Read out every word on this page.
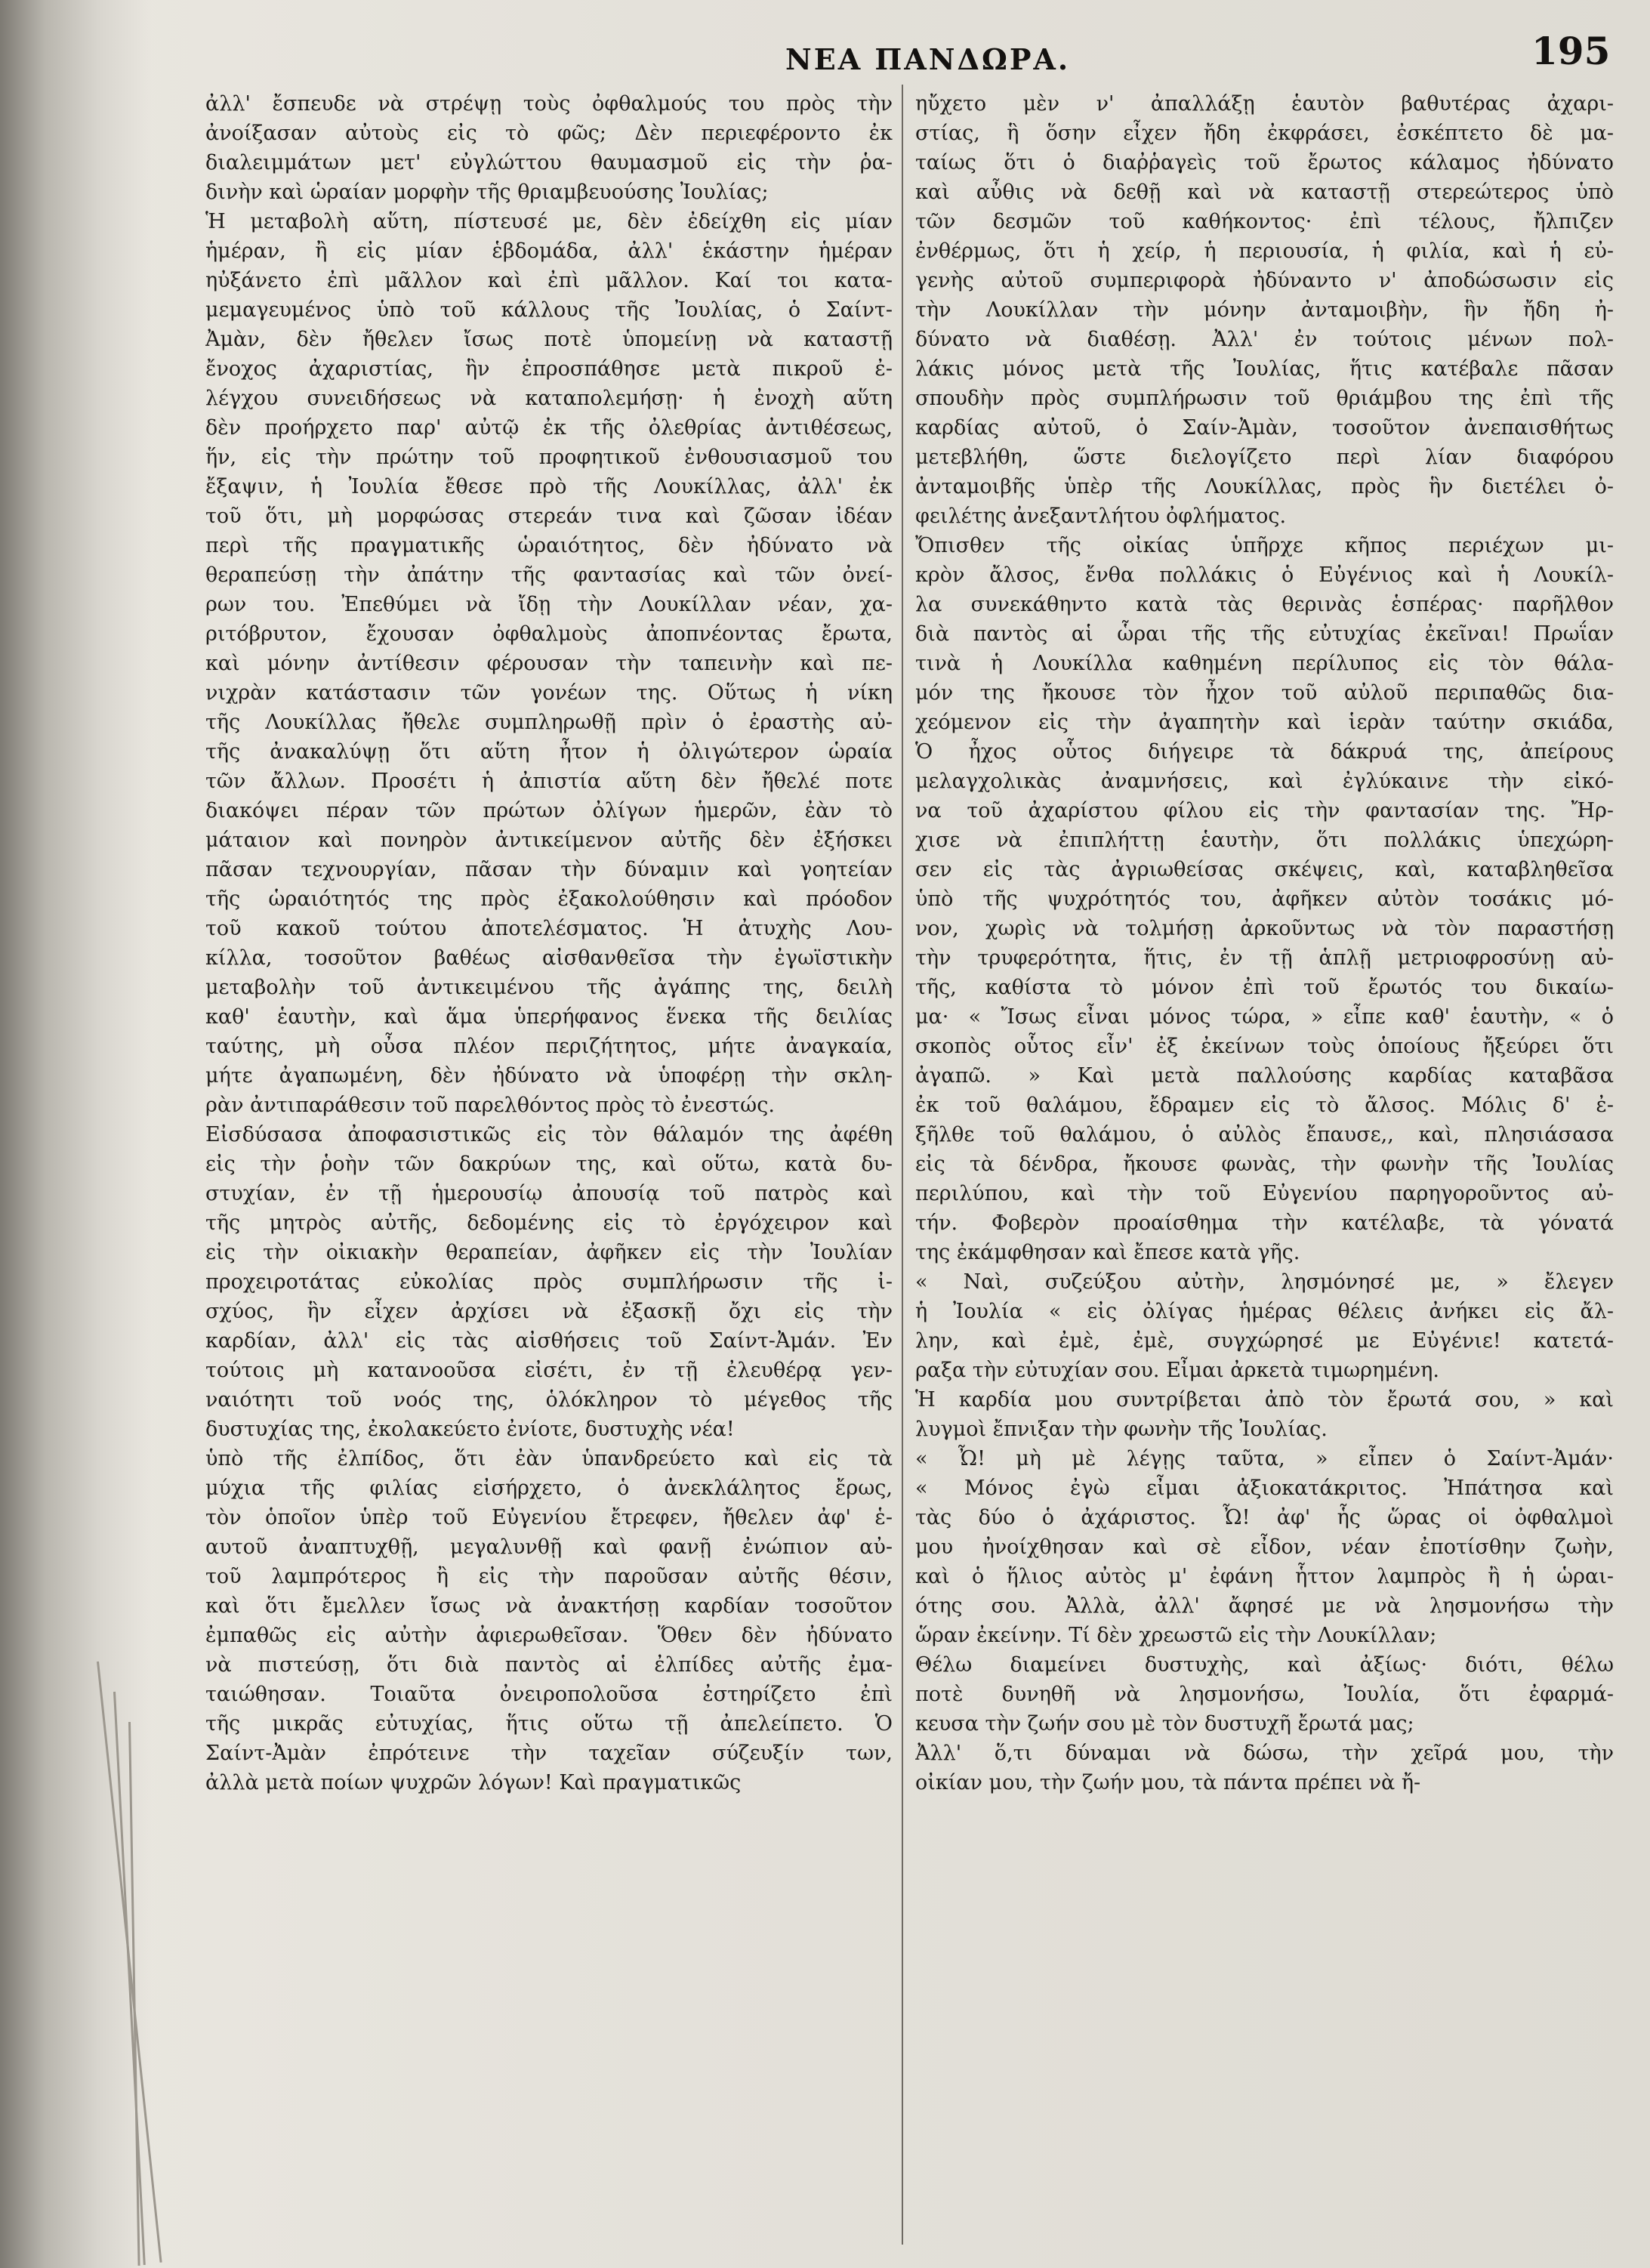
ΝΕΑ ΠΑΝΔΩΡΑ.	195
ἀλλ' ἔσπευδε νὰ στρέψῃ τοὺς ὀφθαλμούς του πρὸς τὴν
ἀνοίξασαν αὐτοὺς εἰς τὸ φῶς; Δὲν περιεφέροντο ἐκ
διαλειμμάτων μετ' εὐγλώττου θαυμασμοῦ εἰς τὴν ῥα-
δινὴν καὶ ὡραίαν μορφὴν τῆς θριαμβευούσης Ἰουλίας;
Ἡ μεταβολὴ αὕτη, πίστευσέ με, δὲν ἐδείχθη εἰς μίαν
ἡμέραν, ἢ εἰς μίαν ἑβδομάδα, ἀλλ' ἑκάστην ἡμέραν
ηὐξάνετο ἐπὶ μᾶλλον καὶ ἐπὶ μᾶλλον. Καί τοι κατα-
μεμαγευμένος ὑπὸ τοῦ κάλλους τῆς Ἰουλίας, ὁ Σαίντ-
Ἀμὰν, δὲν ἤθελεν ἴσως ποτὲ ὑπομείνῃ νὰ καταστῇ
ἔνοχος ἀχαριστίας, ἣν ἐπροσπάθησε μετὰ πικροῦ ἐ-
λέγχου συνειδήσεως νὰ καταπολεμήσῃ· ἡ ἐνοχὴ αὕτη
δὲν προήρχετο παρ' αὐτῷ ἐκ τῆς ὀλεθρίας ἀντιθέσεως,
ἥν, εἰς τὴν πρώτην τοῦ προφητικοῦ ἐνθουσιασμοῦ του
ἔξαψιν, ἡ Ἰουλία ἔθεσε πρὸ τῆς Λουκίλλας, ἀλλ' ἐκ
τοῦ ὅτι, μὴ μορφώσας στερεάν τινα καὶ ζῶσαν ἰδέαν
περὶ τῆς πραγματικῆς ὡραιότητος, δὲν ἠδύνατο νὰ
θεραπεύσῃ τὴν ἀπάτην τῆς φαντασίας καὶ τῶν ὀνεί-
ρων του. Ἐπεθύμει νὰ ἴδῃ τὴν Λουκίλλαν νέαν, χα-
ριτόβρυτον, ἔχουσαν ὀφθαλμοὺς ἀποπνέοντας ἔρωτα,
καὶ μόνην ἀντίθεσιν φέρουσαν τὴν ταπεινὴν καὶ πε-
νιχρὰν κατάστασιν τῶν γονέων της. Οὕτως ἡ νίκη
τῆς Λουκίλλας ἤθελε συμπληρωθῇ πρὶν ὁ ἐραστὴς αὐ-
τῆς ἀνακαλύψῃ ὅτι αὕτη ἦτον ἡ ὀλιγώτερον ὡραία
τῶν ἄλλων. Προσέτι ἡ ἀπιστία αὕτη δὲν ἤθελέ ποτε
διακόψει πέραν τῶν πρώτων ὀλίγων ἡμερῶν, ἐὰν τὸ
μάταιον καὶ πονηρὸν ἀντικείμενον αὐτῆς δὲν ἐξήσκει
πᾶσαν τεχνουργίαν, πᾶσαν τὴν δύναμιν καὶ γοητείαν
τῆς ὡραιότητός της πρὸς ἐξακολούθησιν καὶ πρόοδον
τοῦ κακοῦ τούτου ἀποτελέσματος. Ἡ ἀτυχὴς Λου-
κίλλα, τοσοῦτον βαθέως αἰσθανθεῖσα τὴν ἐγωϊστικὴν
μεταβολὴν τοῦ ἀντικειμένου τῆς ἀγάπης της, δειλὴ
καθ' ἑαυτὴν, καὶ ἅμα ὑπερήφανος ἕνεκα τῆς δειλίας
ταύτης, μὴ οὖσα πλέον περιζήτητος, μήτε ἀναγκαία,
μήτε ἀγαπωμένη, δὲν ἠδύνατο νὰ ὑποφέρῃ τὴν σκλη-
ρὰν ἀντιπαράθεσιν τοῦ παρελθόντος πρὸς τὸ ἐνεστώς.
Εἰσδύσασα ἀποφασιστικῶς εἰς τὸν θάλαμόν της ἀφέθη
εἰς τὴν ῥοὴν τῶν δακρύων της, καὶ οὕτω, κατὰ δυ-
στυχίαν, ἐν τῇ ἡμερουσίῳ ἀπουσίᾳ τοῦ πατρὸς καὶ
τῆς μητρὸς αὐτῆς, δεδομένης εἰς τὸ ἐργόχειρον καὶ
εἰς τὴν οἰκιακὴν θεραπείαν, ἀφῆκεν εἰς τὴν Ἰουλίαν
προχειροτάτας εὐκολίας πρὸς συμπλήρωσιν τῆς ἰ-
σχύος, ἣν εἶχεν ἀρχίσει νὰ ἐξασκῇ ὄχι εἰς τὴν
καρδίαν, ἀλλ' εἰς τὰς αἰσθήσεις τοῦ Σαίντ-Ἀμάν. Ἐν
τούτοις μὴ κατανοοῦσα εἰσέτι, ἐν τῇ ἐλευθέρᾳ γεν-
ναιότητι τοῦ νοός της, ὁλόκληρον τὸ μέγεθος τῆς
δυστυχίας της, ἐκολακεύετο ἐνίοτε, δυστυχὴς νέα!
ὑπὸ τῆς ἐλπίδος, ὅτι ἐὰν ὑπανδρεύετο καὶ εἰς τὰ
μύχια τῆς φιλίας εἰσήρχετο, ὁ ἀνεκλάλητος ἔρως,
τὸν ὁποῖον ὑπὲρ τοῦ Εὐγενίου ἔτρεφεν, ἤθελεν ἀφ' ἑ-
αυτοῦ ἀναπτυχθῇ, μεγαλυνθῇ καὶ φανῇ ἐνώπιον αὐ-
τοῦ λαμπρότερος ἢ εἰς τὴν παροῦσαν αὐτῆς θέσιν,
καὶ ὅτι ἔμελλεν ἴσως νὰ ἀνακτήσῃ καρδίαν τοσοῦτον
ἐμπαθῶς εἰς αὐτὴν ἀφιερωθεῖσαν. Ὅθεν δὲν ἠδύνατο
νὰ πιστεύσῃ, ὅτι διὰ παντὸς αἱ ἐλπίδες αὐτῆς ἐμα-
ταιώθησαν. Τοιαῦτα ὀνειροπολοῦσα ἐστηρίζετο ἐπὶ
τῆς μικρᾶς εὐτυχίας, ἥτις οὕτω τῇ ἀπελείπετο. Ὁ
Σαίντ-Ἀμὰν ἐπρότεινε τὴν ταχεῖαν σύζευξίν των,
ἀλλὰ μετὰ ποίων ψυχρῶν λόγων! Καὶ πραγματικῶς
ηὔχετο μὲν ν' ἀπαλλάξῃ ἑαυτὸν βαθυτέρας ἀχαρι-
στίας, ἣ ὅσην εἶχεν ἤδη ἐκφράσει, ἐσκέπτετο δὲ μα-
ταίως ὅτι ὁ διαῤῥαγεὶς τοῦ ἔρωτος κάλαμος ἠδύνατο
καὶ αὖθις νὰ δεθῇ καὶ νὰ καταστῇ στερεώτερος ὑπὸ
τῶν δεσμῶν τοῦ καθήκοντος· ἐπὶ τέλους, ἤλπιζεν
ἐνθέρμως, ὅτι ἡ χείρ, ἡ περιουσία, ἡ φιλία, καὶ ἡ εὐ-
γενὴς αὐτοῦ συμπεριφορὰ ἠδύναντο ν' ἀποδώσωσιν εἰς
τὴν Λουκίλλαν τὴν μόνην ἀνταμοιβὴν, ἣν ἤδη ἠ-
δύνατο νὰ διαθέσῃ. Ἀλλ' ἐν τούτοις μένων πολ-
λάκις μόνος μετὰ τῆς Ἰουλίας, ἥτις κατέβαλε πᾶσαν
σπουδὴν πρὸς συμπλήρωσιν τοῦ θριάμβου της ἐπὶ τῆς
καρδίας αὐτοῦ, ὁ Σαίν-Ἀμὰν, τοσοῦτον ἀνεπαισθήτως
μετεβλήθη, ὥστε διελογίζετο περὶ λίαν διαφόρου
ἀνταμοιβῆς ὑπὲρ τῆς Λουκίλλας, πρὸς ἣν διετέλει ὀ-
φειλέτης ἀνεξαντλήτου ὀφλήματος.
Ὄπισθεν τῆς οἰκίας ὑπῆρχε κῆπος περιέχων μι-
κρὸν ἄλσος, ἔνθα πολλάκις ὁ Εὐγένιος καὶ ἡ Λουκίλ-
λα συνεκάθηντο κατὰ τὰς θερινὰς ἑσπέρας· παρῆλθον
διὰ παντὸς αἱ ὧραι τῆς τῆς εὐτυχίας ἐκεῖναι! Πρωΐαν
τινὰ ἡ Λουκίλλα καθημένη περίλυπος εἰς τὸν θάλα-
μόν της ἤκουσε τὸν ἦχον τοῦ αὐλοῦ περιπαθῶς δια-
χεόμενον εἰς τὴν ἀγαπητὴν καὶ ἱερὰν ταύτην σκιάδα,
Ὁ ἦχος οὗτος διήγειρε τὰ δάκρυά της, ἀπείρους
μελαγχολικὰς ἀναμνήσεις, καὶ ἐγλύκαινε τὴν εἰκό-
να τοῦ ἀχαρίστου φίλου εἰς τὴν φαντασίαν της. Ἤρ-
χισε νὰ ἐπιπλήττῃ ἑαυτὴν, ὅτι πολλάκις ὑπεχώρη-
σεν εἰς τὰς ἀγριωθείσας σκέψεις, καὶ, καταβληθεῖσα
ὑπὸ τῆς ψυχρότητός του, ἀφῆκεν αὐτὸν τοσάκις μό-
νον, χωρὶς νὰ τολμήσῃ ἀρκοῦντως νὰ τὸν παραστήσῃ
τὴν τρυφερότητα, ἥτις, ἐν τῇ ἁπλῇ μετριοφροσύνῃ αὐ-
τῆς, καθίστα τὸ μόνον ἐπὶ τοῦ ἔρωτός του δικαίω-
μα· « Ἴσως εἶναι μόνος τώρα, » εἶπε καθ' ἑαυτὴν, « ὁ
σκοπὸς οὗτος εἶν' ἐξ ἐκείνων τοὺς ὁποίους ἤξεύρει ὅτι
ἀγαπῶ. » Καὶ μετὰ παλλούσης καρδίας καταβᾶσα
ἐκ τοῦ θαλάμου, ἔδραμεν εἰς τὸ ἄλσος. Μόλις δ' ἐ-
ξῆλθε τοῦ θαλάμου, ὁ αὐλὸς ἔπαυσε,, καὶ, πλησιάσασα
εἰς τὰ δένδρα, ἤκουσε φωνὰς, τὴν φωνὴν τῆς Ἰουλίας
περιλύπου, καὶ τὴν τοῦ Εὐγενίου παρηγοροῦντος αὐ-
τήν. Φοβερὸν προαίσθημα τὴν κατέλαβε, τὰ γόνατά
της ἐκάμφθησαν καὶ ἔπεσε κατὰ γῆς.
« Ναὶ, συζεύξου αὐτὴν, λησμόνησέ με, » ἔλεγεν
ἡ Ἰουλία « εἰς ὀλίγας ἡμέρας θέλεις ἀνήκει εἰς ἄλ-
λην, καὶ ἐμὲ, ἐμὲ, συγχώρησέ με Εὐγένιε! κατετά-
ραξα τὴν εὐτυχίαν σου. Εἶμαι ἀρκετὰ τιμωρημένη.
Ἡ καρδία μου συντρίβεται ἀπὸ τὸν ἔρωτά σου, » καὶ
λυγμοὶ ἔπνιξαν τὴν φωνὴν τῆς Ἰουλίας.
« Ὦ! μὴ μὲ λέγῃς ταῦτα, » εἶπεν ὁ Σαίντ-Ἀμάν·
« Μόνος ἐγὼ εἶμαι ἀξιοκατάκριτος. Ἠπάτησα καὶ
τὰς δύο ὁ ἀχάριστος. Ὦ! ἀφ' ἧς ὥρας οἱ ὀφθαλμοὶ
μου ἠνοίχθησαν καὶ σὲ εἶδον, νέαν ἐποτίσθην ζωὴν,
καὶ ὁ ἥλιος αὐτὸς μ' ἐφάνη ἧττον λαμπρὸς ἢ ἡ ὡραι-
ότης σου. Ἀλλὰ, ἀλλ' ἄφησέ με νὰ λησμονήσω τὴν
ὥραν ἐκείνην. Τί δὲν χρεωστῶ εἰς τὴν Λουκίλλαν;
Θέλω διαμείνει δυστυχὴς, καὶ ἀξίως· διότι, θέλω
ποτὲ δυνηθῆ νὰ λησμονήσω, Ἰουλία, ὅτι ἐφαρμά-
κευσα τὴν ζωήν σου μὲ τὸν δυστυχῆ ἔρωτά μας;
Ἀλλ' ὅ,τι δύναμαι νὰ δώσω, τὴν χεῖρά μου, τὴν
οἰκίαν μου, τὴν ζωήν μου, τὰ πάντα πρέπει νὰ ἤ-
